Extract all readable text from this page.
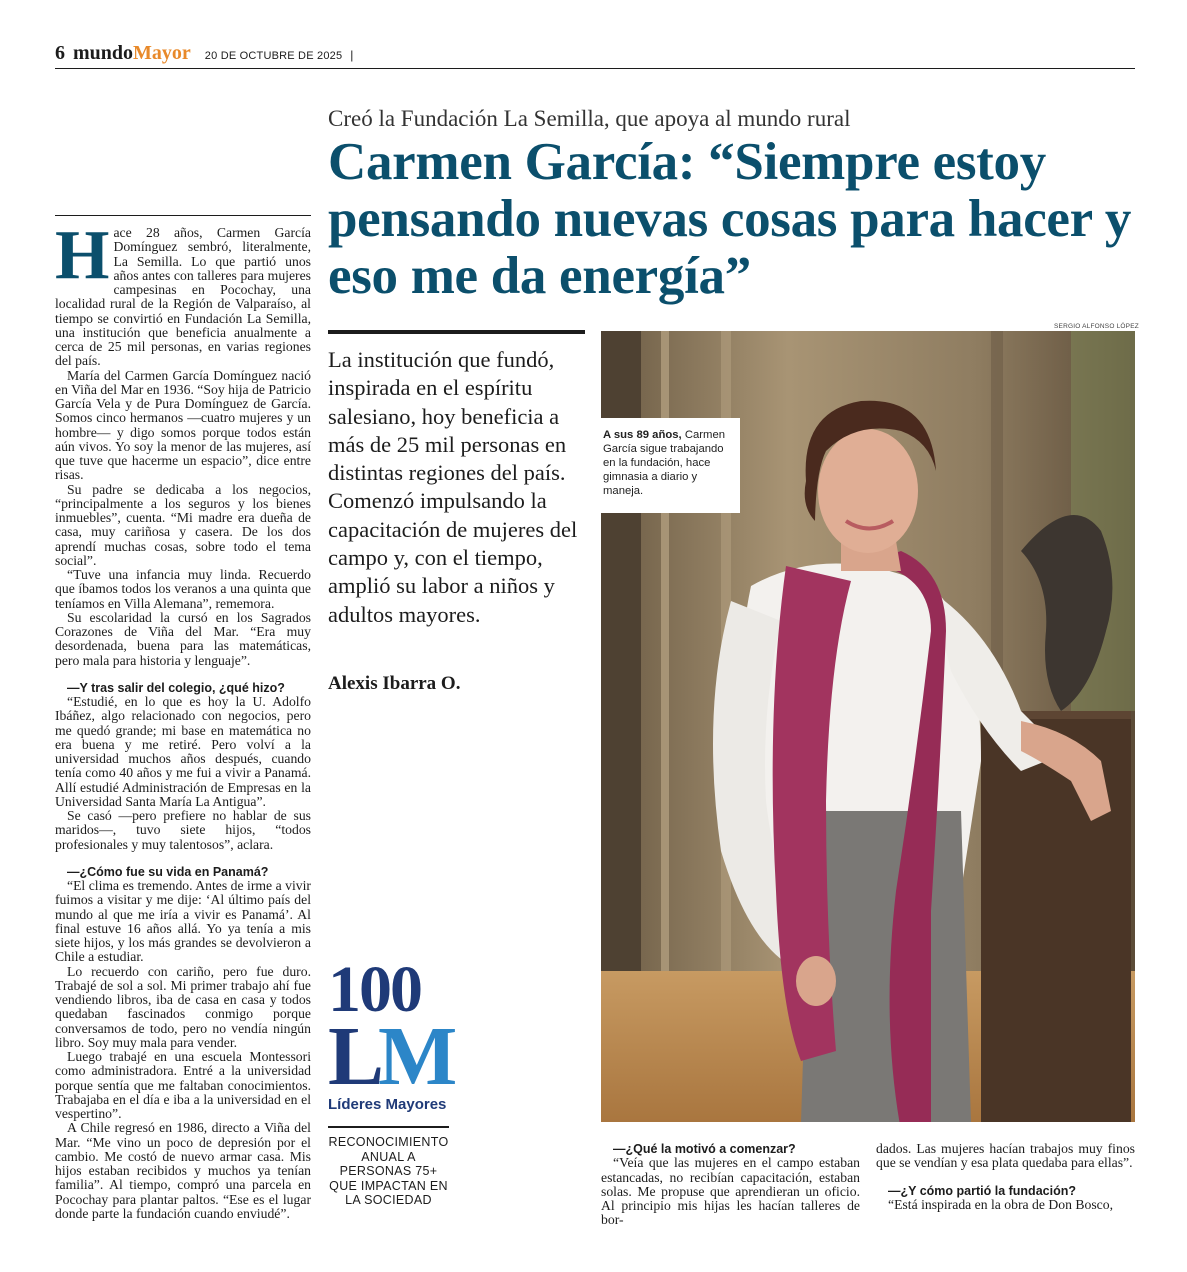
6 mundo Mayor 20 DE OCTUBRE DE 2025 |
Creó la Fundación La Semilla, que apoya al mundo rural
Carmen García: “Siempre estoy pensando nuevas cosas para hacer y eso me da energía”

Hace 28 años, Carmen García Domínguez sembró, literalmente, La Semilla. Lo que partió unos años antes con talleres para mujeres campesinas en Pocochay, una localidad rural de la Región de Valparaíso, al tiempo se convirtió en Fundación La Semilla, una institución que beneficia anualmente a cerca de 25 mil personas, en varias regiones del país.

María del Carmen García Domínguez nació en Viña del Mar en 1936. “Soy hija de Patricio García Vela y de Pura Domínguez de García. Somos cinco hermanos —cuatro mujeres y un hombre— y digo somos porque todos están aún vivos. Yo soy la menor de las mujeres, así que tuve que hacerme un espacio”, dice entre risas.

Su padre se dedicaba a los negocios, “principalmente a los seguros y los bienes inmuebles”, cuenta. “Mi madre era dueña de casa, muy cariñosa y casera. De los dos aprendí muchas cosas, sobre todo el tema social”.

“Tuve una infancia muy linda. Recuerdo que íbamos todos los veranos a una quinta que teníamos en Villa Alemana”, rememora.

Su escolaridad la cursó en los Sagrados Corazones de Viña del Mar. “Era muy desordenada, buena para las matemáticas, pero mala para historia y lenguaje”.

—Y tras salir del colegio, ¿qué hizo?

“Estudié, en lo que es hoy la U. Adolfo Ibáñez, algo relacionado con negocios, pero me quedó grande; mi base en matemática no era buena y me retiré. Pero volví a la universidad muchos años después, cuando tenía como 40 años y me fui a vivir a Panamá. Allí estudié Administración de Empresas en la Universidad Santa María La Antigua”.

Se casó —pero prefiere no hablar de sus maridos—, tuvo siete hijos, “todos profesionales y muy talentosos”, aclara.

—¿Cómo fue su vida en Panamá?

“El clima es tremendo. Antes de irme a vivir fuimos a visitar y me dije: ‘Al último país del mundo al que me iría a vivir es Panamá’. Al final estuve 16 años allá. Yo ya tenía a mis siete hijos, y los más grandes se devolvieron a Chile a estudiar.

Lo recuerdo con cariño, pero fue duro. Trabajé de sol a sol. Mi primer trabajo ahí fue vendiendo libros, iba de casa en casa y todos quedaban fascinados conmigo porque conversamos de todo, pero no vendía ningún libro. Soy muy mala para vender.

Luego trabajé en una escuela Montessori como administradora. Entré a la universidad porque sentía que me faltaban conocimientos. Trabajaba en el día e iba a la universidad en el vespertino”.

A Chile regresó en 1986, directo a Viña del Mar. “Me vino un poco de depresión por el cambio. Me costó de nuevo armar casa. Mis hijos estaban recibidos y muchos ya tenían familia”. Al tiempo, compró una parcela en Pocochay para plantar paltos. “Ese es el lugar donde parte la fundación cuando enviudé”.

La institución que fundó, inspirada en el espíritu salesiano, hoy beneficia a más de 25 mil personas en distintas regiones del país. Comenzó impulsando la capacitación de mujeres del campo y, con el tiempo, amplió su labor a niños y adultos mayores.
Alexis Ibarra O.
SERGIO ALFONSO LÓPEZ
A sus 89 años, Carmen García sigue trabajando en la fundación, hace gimnasia a diario y maneja.
100
LM
Líderes Mayores
RECONOCIMIENTO ANUAL A PERSONAS 75+ QUE IMPACTAN EN LA SOCIEDAD

—¿Qué la motivó a comenzar?

“Veía que las mujeres en el campo estaban estancadas, no recibían capacitación, estaban solas. Me propuse que aprendieran un oficio. Al principio mis hijas les hacían talleres de bor-

dados. Las mujeres hacían trabajos muy finos que se vendían y esa plata quedaba para ellas”.

—¿Y cómo partió la fundación?

“Está inspirada en la obra de Don Bosco,
